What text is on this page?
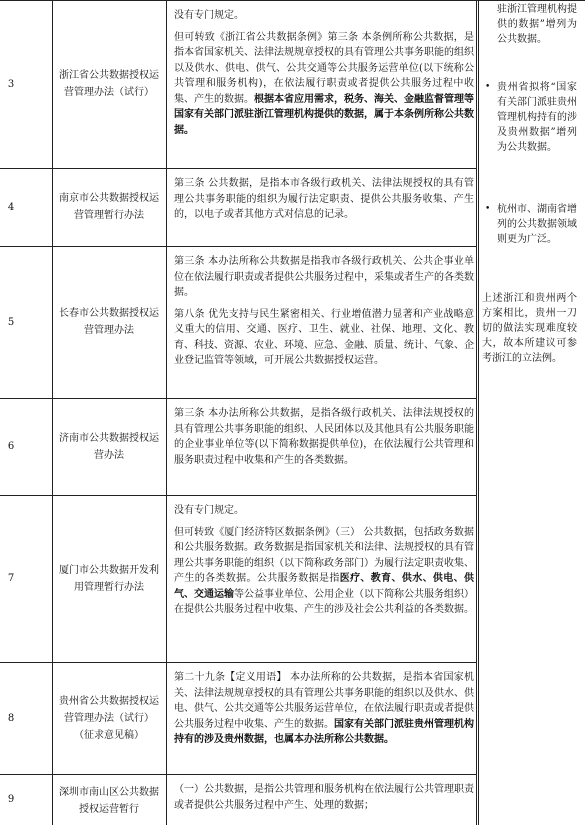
3
浙江省公共数据授权运营管理办法（试行）

没有专门规定。

但可转致《浙江省公共数据条例》第三条 本条例所称公共数据，是指本省国家机关、法律法规规章授权的具有管理公共事务职能的组织以及供水、供电、供气、公共交通等公共服务运营单位(以下统称公共管理和服务机构)，在依法履行职责或者提供公共服务过程中收集、产生的数据。根据本省应用需求，税务、海关、金融监督管理等国家有关部门派驻浙江管理机构提供的数据，属于本条例所称公共数据。

4
南京市公共数据授权运营管理暂行办法

第三条 公共数据，是指本市各级行政机关、法律法规授权的具有管理公共事务职能的组织为履行法定职责、提供公共服务收集、产生的，以电子或者其他方式对信息的记录。

5
长春市公共数据授权运营管理办法

第三条 本办法所称公共数据是指我市各级行政机关、公共企事业单位在依法履行职责或者提供公共服务过程中，采集或者生产的各类数据。

第八条 优先支持与民生紧密相关、行业增值潜力显著和产业战略意义重大的信用、交通、医疗、卫生、就业、社保、地理、文化、教育、科技、资源、农业、环境、应急、金融、质量、统计、气象、企业登记监管等领域，可开展公共数据授权运营。

6
济南市公共数据授权运营办法

第三条 本办法所称公共数据，是指各级行政机关、法律法规授权的具有管理公共事务职能的组织、人民团体以及其他具有公共服务职能的企业事业单位等(以下简称数据提供单位)，在依法履行公共管理和服务职责过程中收集和产生的各类数据。

7
厦门市公共数据开发利用管理暂行办法

没有专门规定。

但可转致《厦门经济特区数据条例》（三） 公共数据，包括政务数据和公共服务数据。政务数据是指国家机关和法律、法规授权的具有管理公共事务职能的组织（以下简称政务部门）为履行法定职责收集、产生的各类数据。公共服务数据是指医疗、教育、供水、供电、供气、交通运输等公益事业单位、公用企业（以下简称公共服务组织）在提供公共服务过程中收集、产生的涉及社会公共利益的各类数据。

8
贵州省公共数据授权运营管理办法（试行）（征求意见稿）

第二十九条【定义用语】 本办法所称的公共数据，是指本省国家机关、法律法规规章授权的具有管理公共事务职能的组织以及供水、供电、供气、公共交通等公共服务运营单位，在依法履行职责或者提供公共服务过程中收集、产生的数据。国家有关部门派驻贵州管理机构持有的涉及贵州数据，也属本办法所称公共数据。

9
深圳市南山区公共数据授权运营暂行

（一）公共数据，是指公共管理和服务机构在依法履行公共管理职责或者提供公共服务过程中产生、处理的数据；

驻浙江管理机构提供的数据”增列为公共数据。

• 贵州省拟将“国家有关部门派驻贵州管理机构持有的涉及贵州数据”增列为公共数据。

• 杭州市、湖南省增列的公共数据领域则更为广泛。

上述浙江和贵州两个方案相比，贵州一刀切的做法实现难度较大，故本所建议可参考浙江的立法例。
